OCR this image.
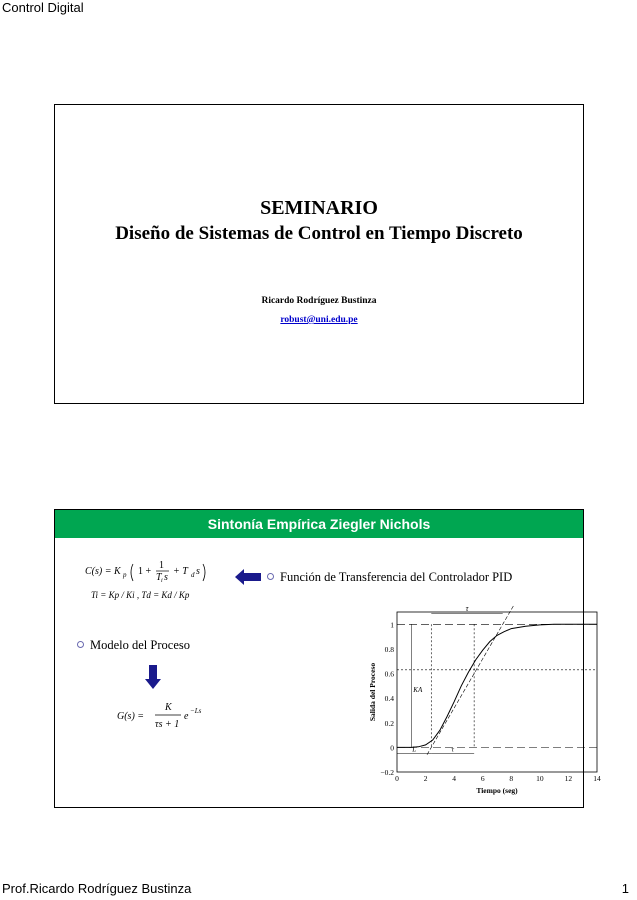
Control Digital
SEMINARIO
Diseño de Sistemas de Control en Tiempo Discreto
Ricardo Rodríguez Bustinza
robust@uni.edu.pe
Sintonía Empírica Ziegler Nichols
C(s) = K p 1 +
1
T i s
+ T d s
Ti = Kp / Ki , Td = Kd / Kp
Función de Transferencia del Controlador PID
Modelo del Proceso
G(s) =
K
τs + 1
e −Ls
0	2	4	6	8	10	12	14
−0.2
0
0.2
0.4
0.6
0.8
1
τ
KA
L	τ
Tiempo (seg)
Salida del Proceso
Prof.Ricardo Rodríguez Bustinza	1
